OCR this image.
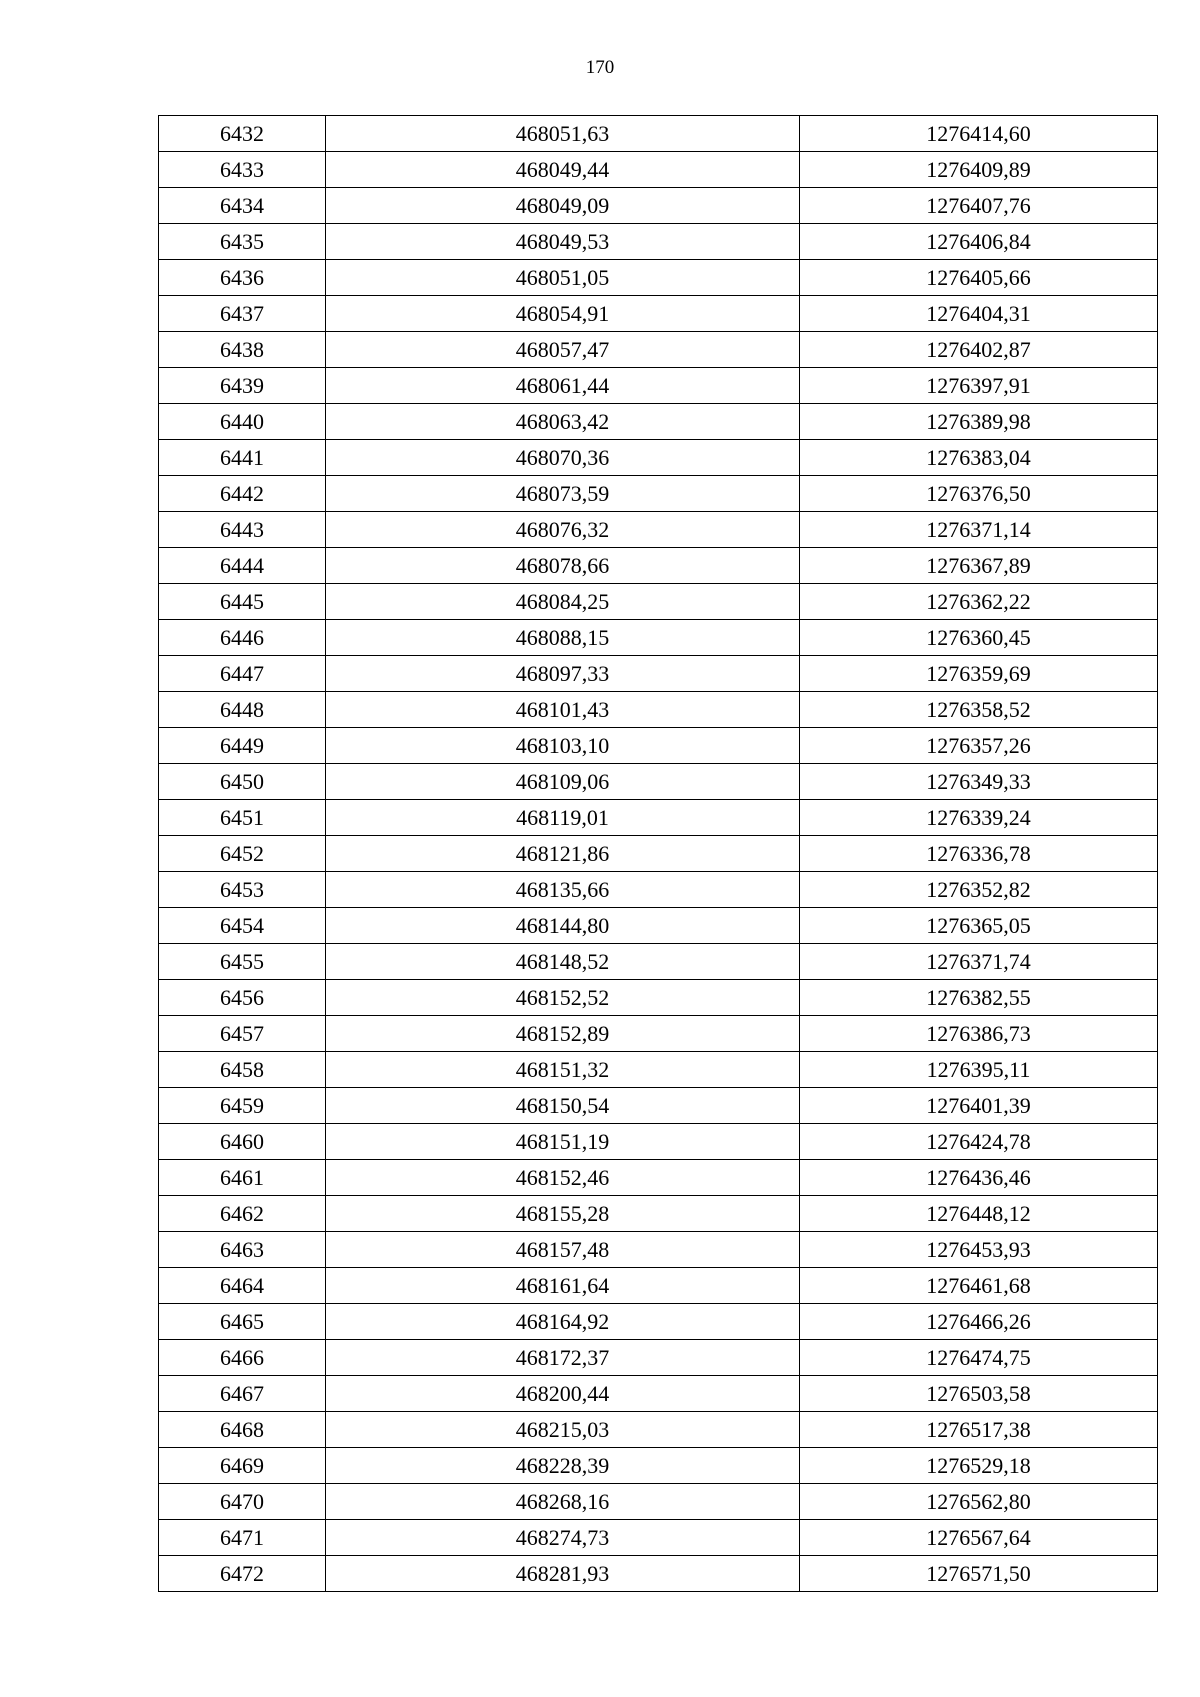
170
6432	468051,63	1276414,60
6433	468049,44	1276409,89
6434	468049,09	1276407,76
6435	468049,53	1276406,84
6436	468051,05	1276405,66
6437	468054,91	1276404,31
6438	468057,47	1276402,87
6439	468061,44	1276397,91
6440	468063,42	1276389,98
6441	468070,36	1276383,04
6442	468073,59	1276376,50
6443	468076,32	1276371,14
6444	468078,66	1276367,89
6445	468084,25	1276362,22
6446	468088,15	1276360,45
6447	468097,33	1276359,69
6448	468101,43	1276358,52
6449	468103,10	1276357,26
6450	468109,06	1276349,33
6451	468119,01	1276339,24
6452	468121,86	1276336,78
6453	468135,66	1276352,82
6454	468144,80	1276365,05
6455	468148,52	1276371,74
6456	468152,52	1276382,55
6457	468152,89	1276386,73
6458	468151,32	1276395,11
6459	468150,54	1276401,39
6460	468151,19	1276424,78
6461	468152,46	1276436,46
6462	468155,28	1276448,12
6463	468157,48	1276453,93
6464	468161,64	1276461,68
6465	468164,92	1276466,26
6466	468172,37	1276474,75
6467	468200,44	1276503,58
6468	468215,03	1276517,38
6469	468228,39	1276529,18
6470	468268,16	1276562,80
6471	468274,73	1276567,64
6472	468281,93	1276571,50
